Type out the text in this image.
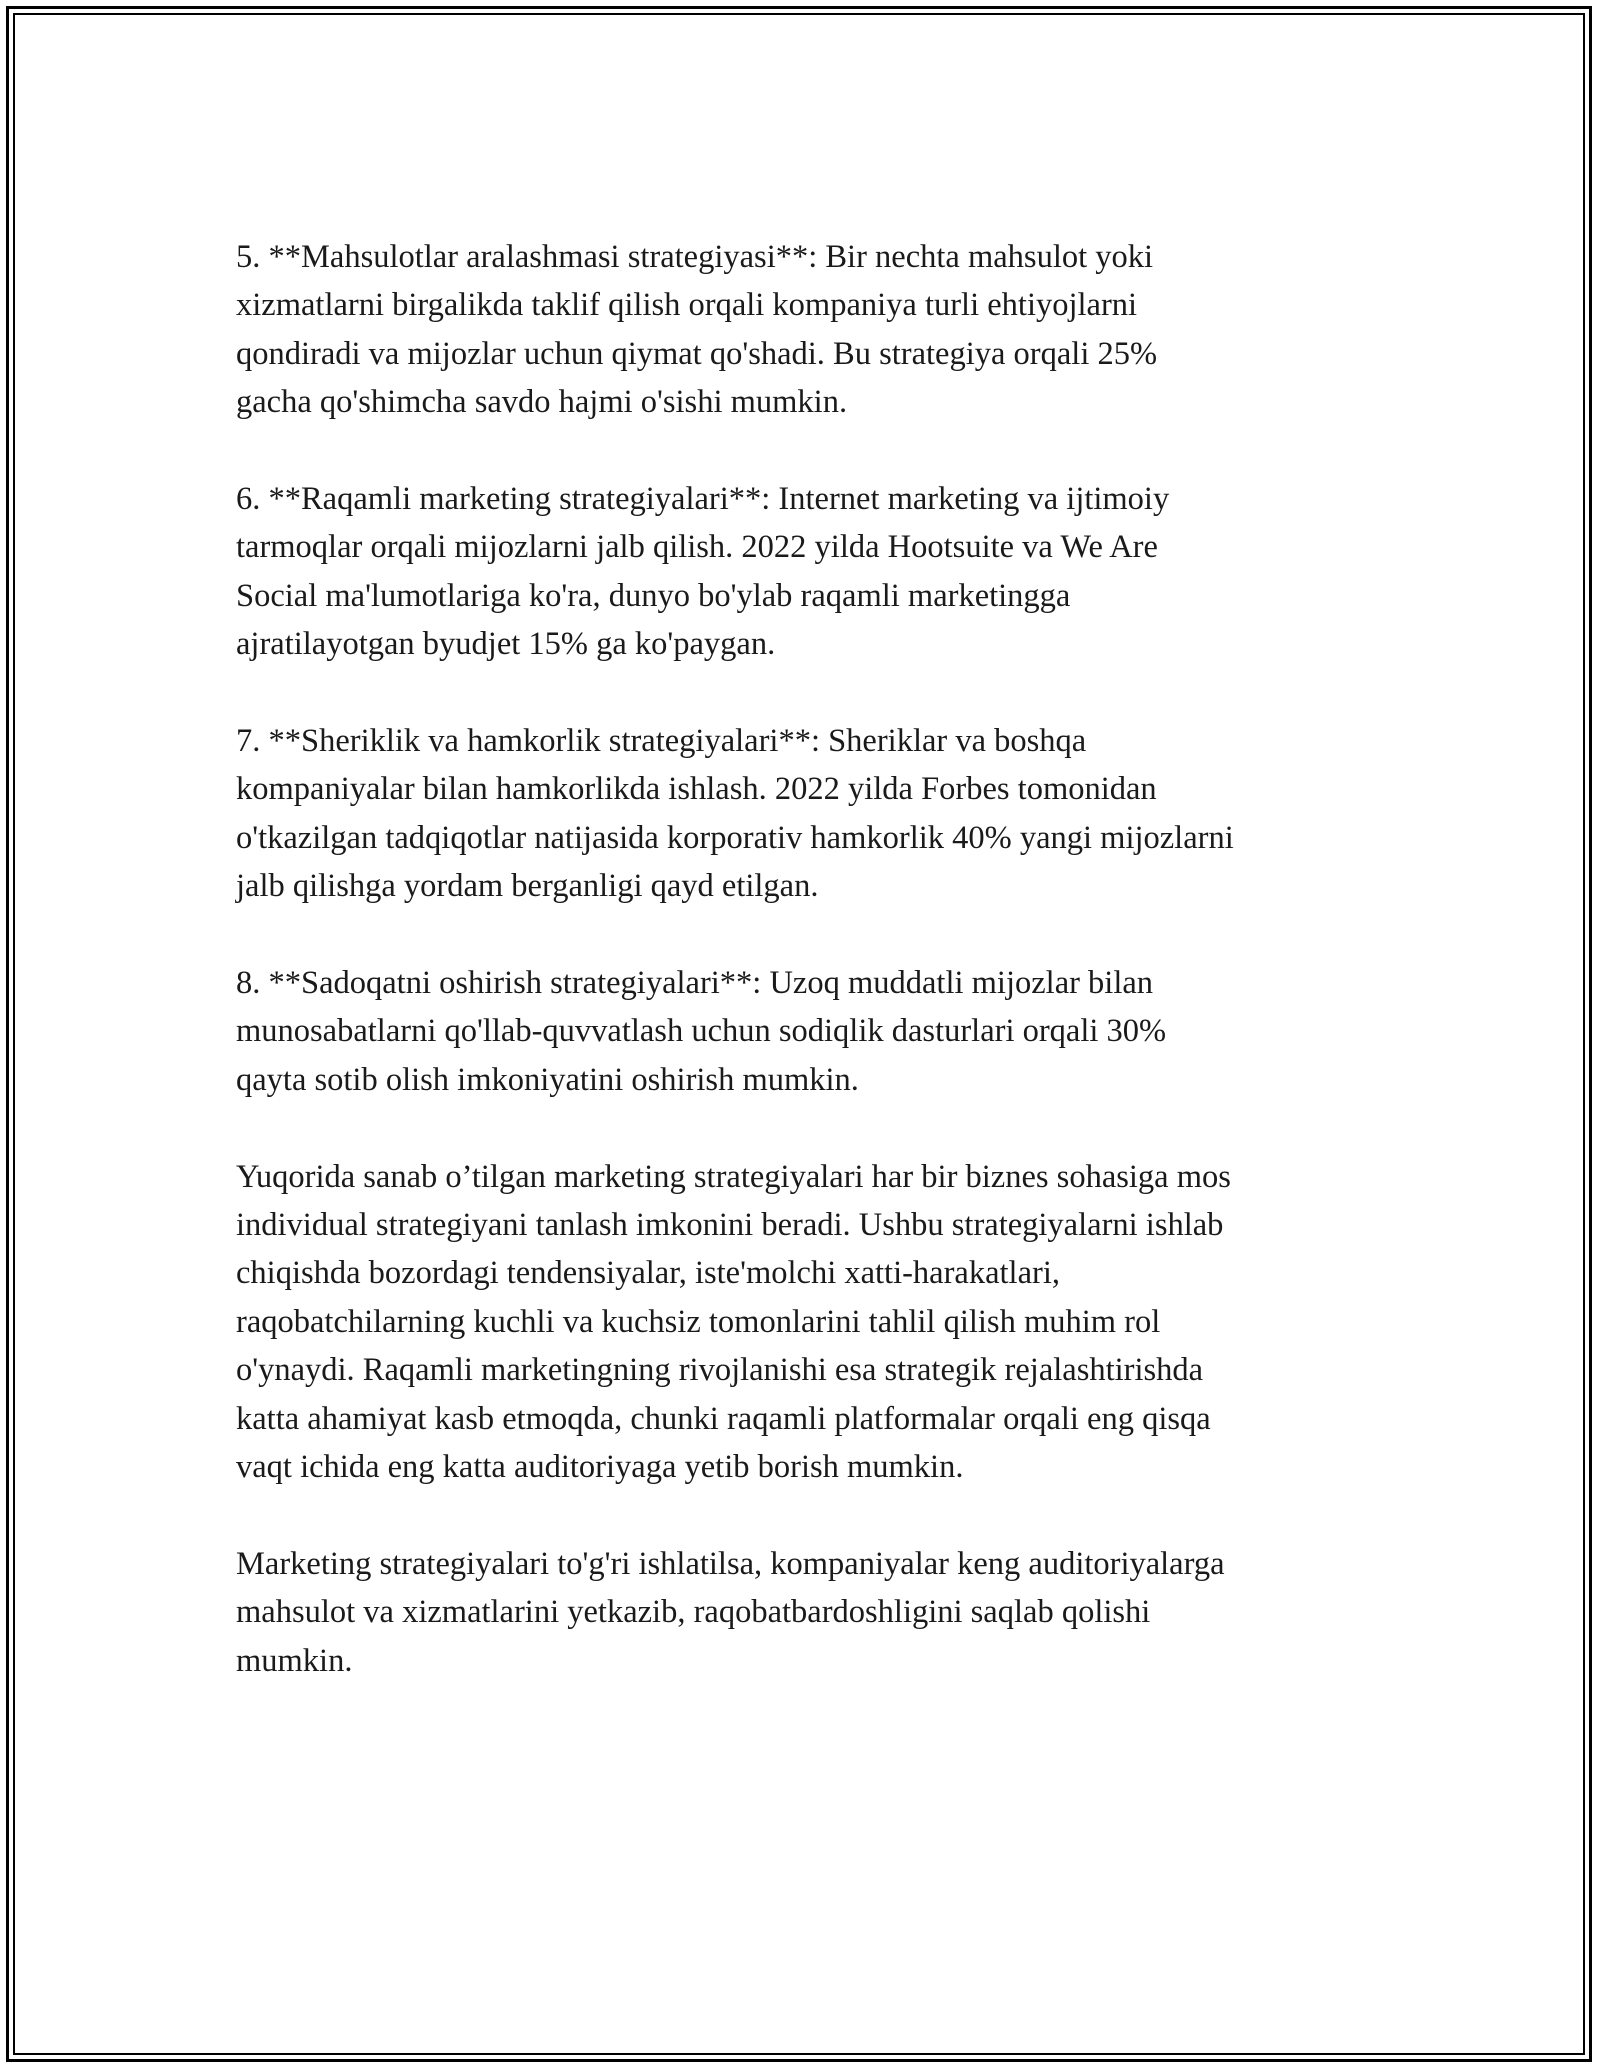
5. **Mahsulotlar aralashmasi strategiyasi**: Bir nechta mahsulot yoki
xizmatlarni birgalikda taklif qilish orqali kompaniya turli ehtiyojlarni
qondiradi va mijozlar uchun qiymat qo'shadi. Bu strategiya orqali 25%
gacha qo'shimcha savdo hajmi o'sishi mumkin.

6. **Raqamli marketing strategiyalari**: Internet marketing va ijtimoiy
tarmoqlar orqali mijozlarni jalb qilish. 2022 yilda Hootsuite va We Are
Social ma'lumotlariga ko'ra, dunyo bo'ylab raqamli marketingga
ajratilayotgan byudjet 15% ga ko'paygan.

7. **Sheriklik va hamkorlik strategiyalari**: Sheriklar va boshqa
kompaniyalar bilan hamkorlikda ishlash. 2022 yilda Forbes tomonidan
o'tkazilgan tadqiqotlar natijasida korporativ hamkorlik 40% yangi mijozlarni
jalb qilishga yordam berganligi qayd etilgan.

8. **Sadoqatni oshirish strategiyalari**: Uzoq muddatli mijozlar bilan
munosabatlarni qo'llab-quvvatlash uchun sodiqlik dasturlari orqali 30%
qayta sotib olish imkoniyatini oshirish mumkin.

Yuqorida sanab o’tilgan marketing strategiyalari har bir biznes sohasiga mos
individual strategiyani tanlash imkonini beradi. Ushbu strategiyalarni ishlab
chiqishda bozordagi tendensiyalar, iste'molchi xatti-harakatlari,
raqobatchilarning kuchli va kuchsiz tomonlarini tahlil qilish muhim rol
o'ynaydi. Raqamli marketingning rivojlanishi esa strategik rejalashtirishda
katta ahamiyat kasb etmoqda, chunki raqamli platformalar orqali eng qisqa
vaqt ichida eng katta auditoriyaga yetib borish mumkin.

Marketing strategiyalari to'g'ri ishlatilsa, kompaniyalar keng auditoriyalarga
mahsulot va xizmatlarini yetkazib, raqobatbardoshligini saqlab qolishi
mumkin.
